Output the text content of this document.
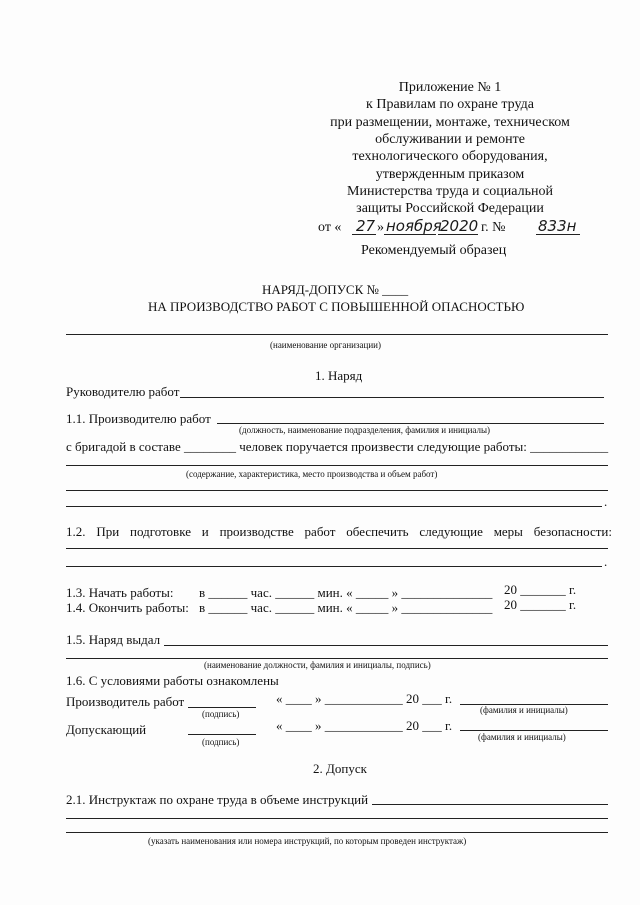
Приложение № 1
к Правилам по охране труда
при размещении, монтаже, техническом
обслуживании и ремонте
технологического оборудования,
утвержденным приказом
Министерства труда и социальной
защиты Российской Федерации
от « 27 » ноября
2020 г. № 833н
Рекомендуемый образец
НАРЯД-ДОПУСК № ____
НА ПРОИЗВОДСТВО РАБОТ С ПОВЫШЕННОЙ ОПАСНОСТЬЮ
(наименование организации)
1. Наряд
Руководителю работ
1.1. Производителю работ
(должность, наименование подразделения, фамилия и инициалы)
с бригадой в составе ________ человек поручается произвести следующие работы: ____________
(содержание, характеристика, место производства и объем работ)
.
1.2. При подготовке и производстве работ обеспечить следующие меры безопасности:
.
1.3. Начать работы: в ______ час. ______ мин. « _____ » ______________ 20 _______ г.
1.4. Окончить работы: в ______ час. ______ мин. « _____ » ______________ 20 _______ г.
1.5. Наряд выдал
(наименование должности, фамилия и инициалы, подпись)
1.6. С условиями работы ознакомлены
Производитель работ
(подпись)
« ____ » ____________ 20 ___ г.
(фамилия и инициалы)
Допускающий
(подпись)
« ____ » ____________ 20 ___ г.
(фамилия и инициалы)
2. Допуск
2.1. Инструктаж по охране труда в объеме инструкций
(указать наименования или номера инструкций, по которым проведен инструктаж)
